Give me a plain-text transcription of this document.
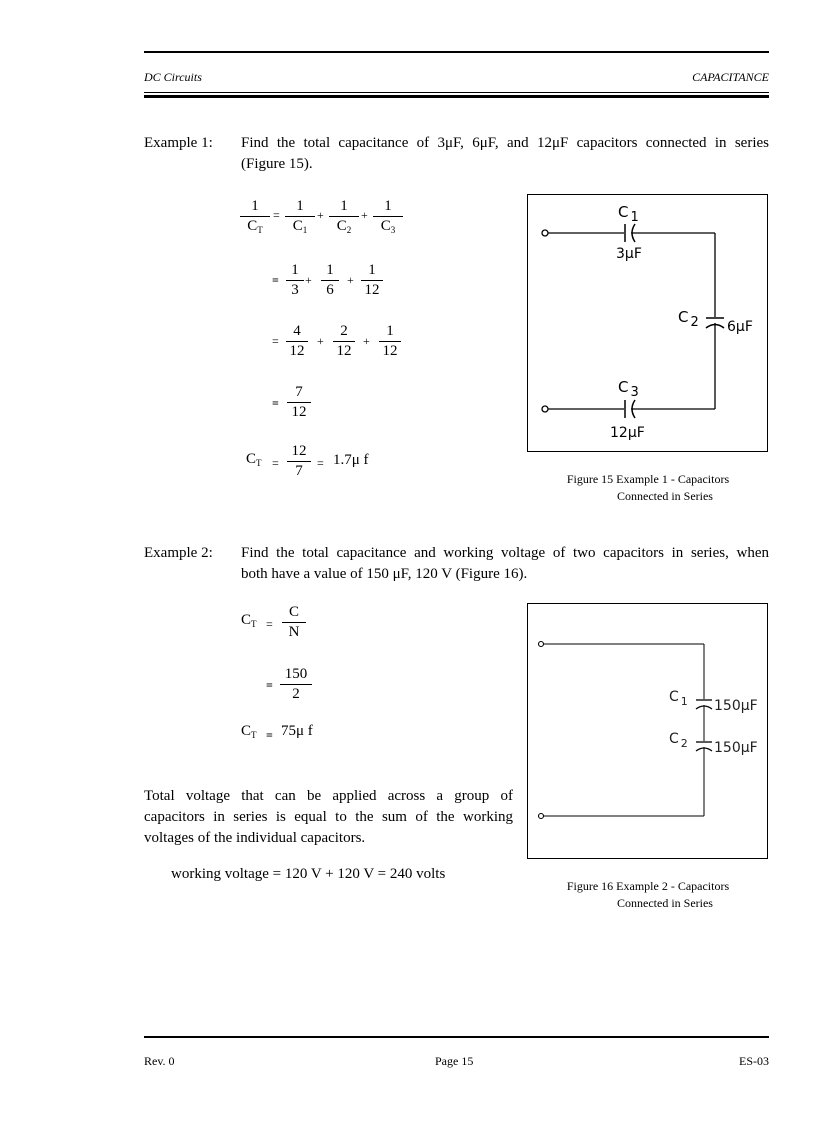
DC Circuits	CAPACITANCE
Example 1: Find the total capacitance of 3μF, 6μF, and 12μF capacitors connected in series
(Figure 15).
1
$C_T$
=
1
$C_1$
+
1
$C_2$
+
1
$C_3$
=
1
3
+
1
6
+
1
12
=
4
12
+
2
12
+
1
12
=
7
12
$C_T$ =
12
7 = 1.7μ f
C 1
3μF
C 2 6μF
C 3
12μF
Figure 15 Example 1 - Capacitors
Connected in Series
Example 2: Find the total capacitance and working voltage of two capacitors in series, when
both have a value of 150 μF, 120 V (Figure 16).
$C_T$ =
C
N
=
150
2
$C_T = 75\mu$ f
Total voltage that can be applied across a group of
capacitors in series is equal to the sum of the working
voltages of the individual capacitors.
working voltage = 120 V + 120 V = 240 volts
C $_1$ 150μF
C $_2$ 150μF
Figure 16 Example 2 - Capacitors
Connected in Series
Rev. 0	Page 15	ES-03
